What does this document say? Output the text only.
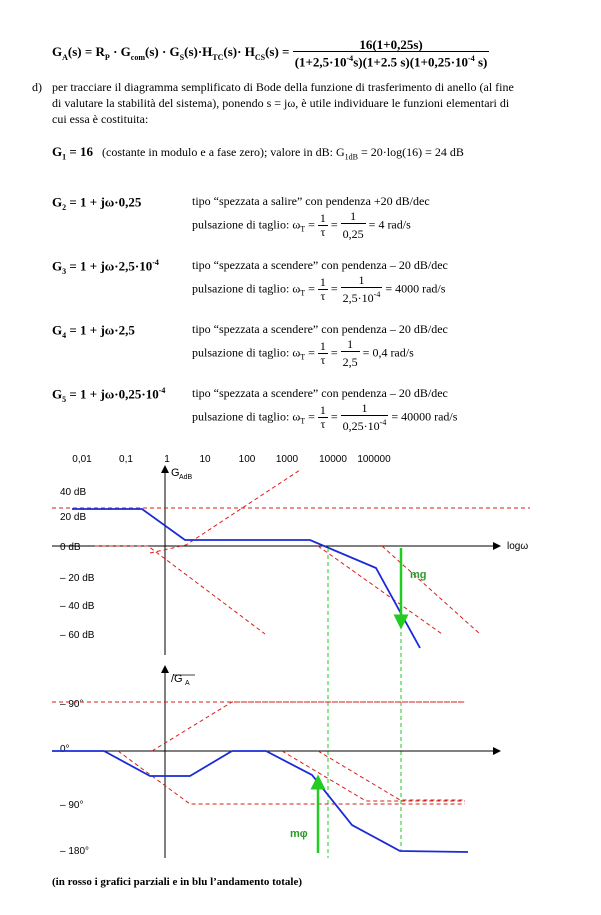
$G_A(s) = R_P \cdot G_{com}(s) \cdot G_S(s)\cdot H_{TC}(s)\cdot H_{CS}(s) = \frac{16(1+0,25s)}{(1+2,5\cdot 10^{-4}s)(1+2.5 s)(1+0,25\cdot 10^{-4} s)}$
d) per tracciare il diagramma semplificato di Bode della funzione di trasferimento di anello (al fine
di valutare la stabilità del sistema), ponendo s = jω, è utile individuare le funzioni elementari di
cui essa è costituita:
$G_1 = 16$ (costante in modulo e a fase zero); valore in dB: $G_{1dB} = 20\cdot\log(16) = 24$ dB
$G_2 = 1 + j\omega\cdot 0,25$	tipo “spezzata a salire” con pendenza +20 dB/dec
pulsazione di taglio: $\omega_T = \frac{1}{\tau} = \frac{1}{0,25} = 4$ rad/s
$G_3 = 1 + j\omega\cdot 2,5\cdot 10^{-4}$	tipo “spezzata a scendere” con pendenza – 20 dB/dec
pulsazione di taglio: $\omega_T = \frac{1}{\tau} = \frac{1}{2,5\cdot 10^{-4}} = 4000$ rad/s
$G_4 = 1 + j\omega\cdot 2,5$	tipo “spezzata a scendere” con pendenza – 20 dB/dec
pulsazione di taglio: $\omega_T = \frac{1}{\tau} = \frac{1}{2,5} = 0,4$ rad/s
$G_5 = 1 + j\omega\cdot 0,25\cdot 10^{-4}$ tipo “spezzata a scendere” con pendenza – 20 dB/dec
pulsazione di taglio: $\omega_T = \frac{1}{\tau} = \frac{1}{0,25\cdot 10^{-4}} = 40000$ rad/s
0,01	0,1	1	10	100 1000 10000 100000
G AdB
logω
40 dB
20 dB
0 dB
– 20 dB
– 40 dB
– 60 dB
mg
/G A
– 90°
0°
– 90°
– 180°
mφ
(in rosso i grafici parziali e in blu l’andamento totale)
